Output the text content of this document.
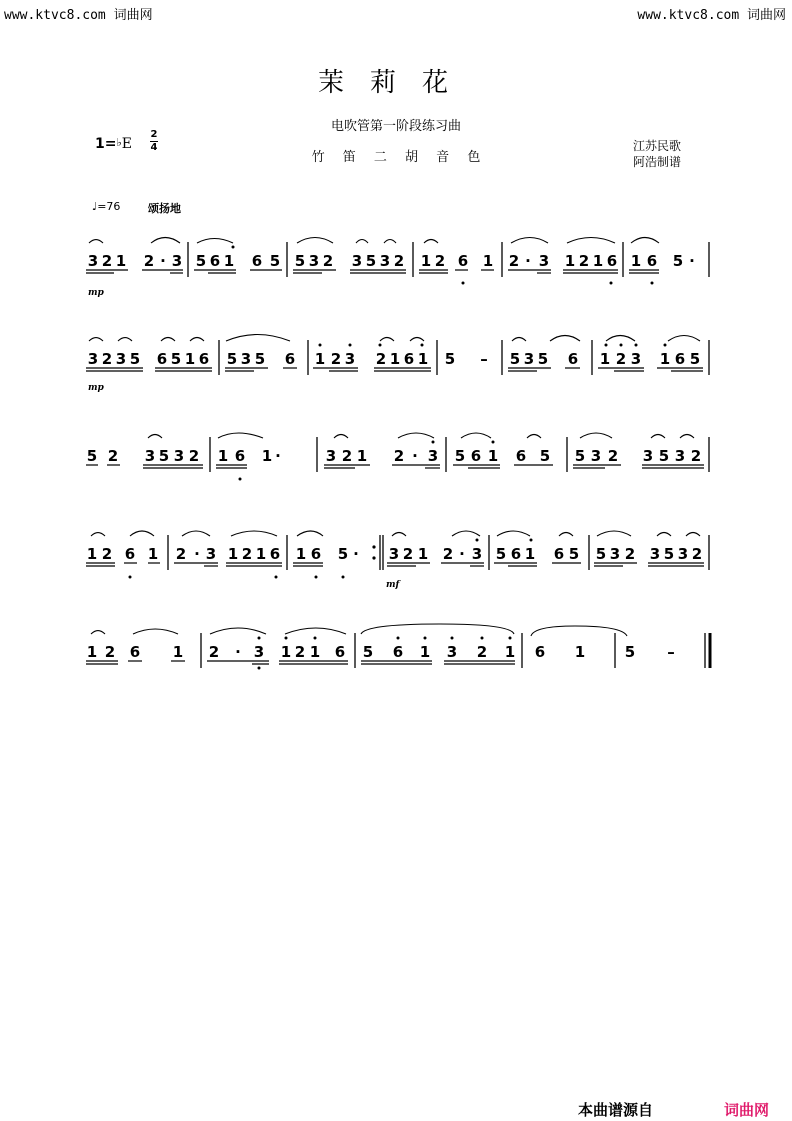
www.ktvc8.com 词曲网	www.ktvc8.com 词曲网
茉莉花
电吹管第一阶段练习曲
竹 笛 二 胡 音 色
1=♭E
2
4	江苏民歌
阿浩制谱
♩=76	颂扬地
mp
mp
mf
3 2 1 2 · 3 5 6 1 6 5 5 3 2 3 5 3 2 1 2 6 1 2 · 3 1 2 1 6 1 6 5 ·
3 2 3 5 6 5 1 6 5 3 5 6 1 2 3 2 1 6 1 5 – 5 3 5 6 1 2 3 1 6 5
5 2 3 5 3 2 1 6 1 ·	3 2 1 2 · 3 5 6 1 6 5 5 3 2 3 5 3 2
1 2 6 1 2 · 3 1 2 1 6 1 6 5 · 3 2 1 2 · 3 5 6 1 6 5 5 3 2 3 5 3 2
1 2 6 1 2 · 3 1 2 1 6 5 6 1 3 2 1 6 1	5 –
本曲谱源自	词曲网
